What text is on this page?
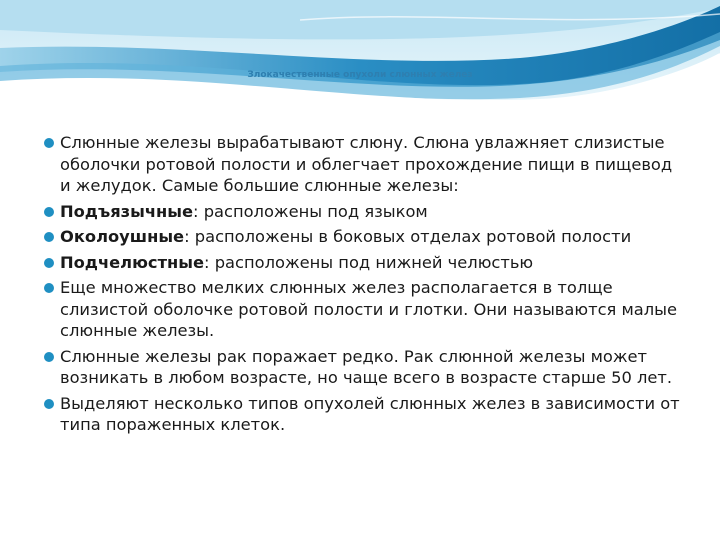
Злокачественные опухоли слюнных желез
Слюнные железы вырабатывают слюну. Слюна увлажняет слизистые оболочки ротовой полости и облегчает прохождение пищи в пищевод и желудок. Самые большие слюнные железы:
Подъязычные: расположены под языком
Околоушные: расположены в боковых отделах ротовой полости
Подчелюстные: расположены под нижней челюстью
Еще множество мелких слюнных желез располагается в толще слизистой оболочке ротовой полости и глотки. Они называются малые слюнные железы.
Слюнные железы рак поражает редко. Рак слюнной железы может возникать в любом возрасте, но чаще всего в возрасте старше 50 лет.
Выделяют несколько типов опухолей слюнных желез в зависимости от типа пораженных клеток.
